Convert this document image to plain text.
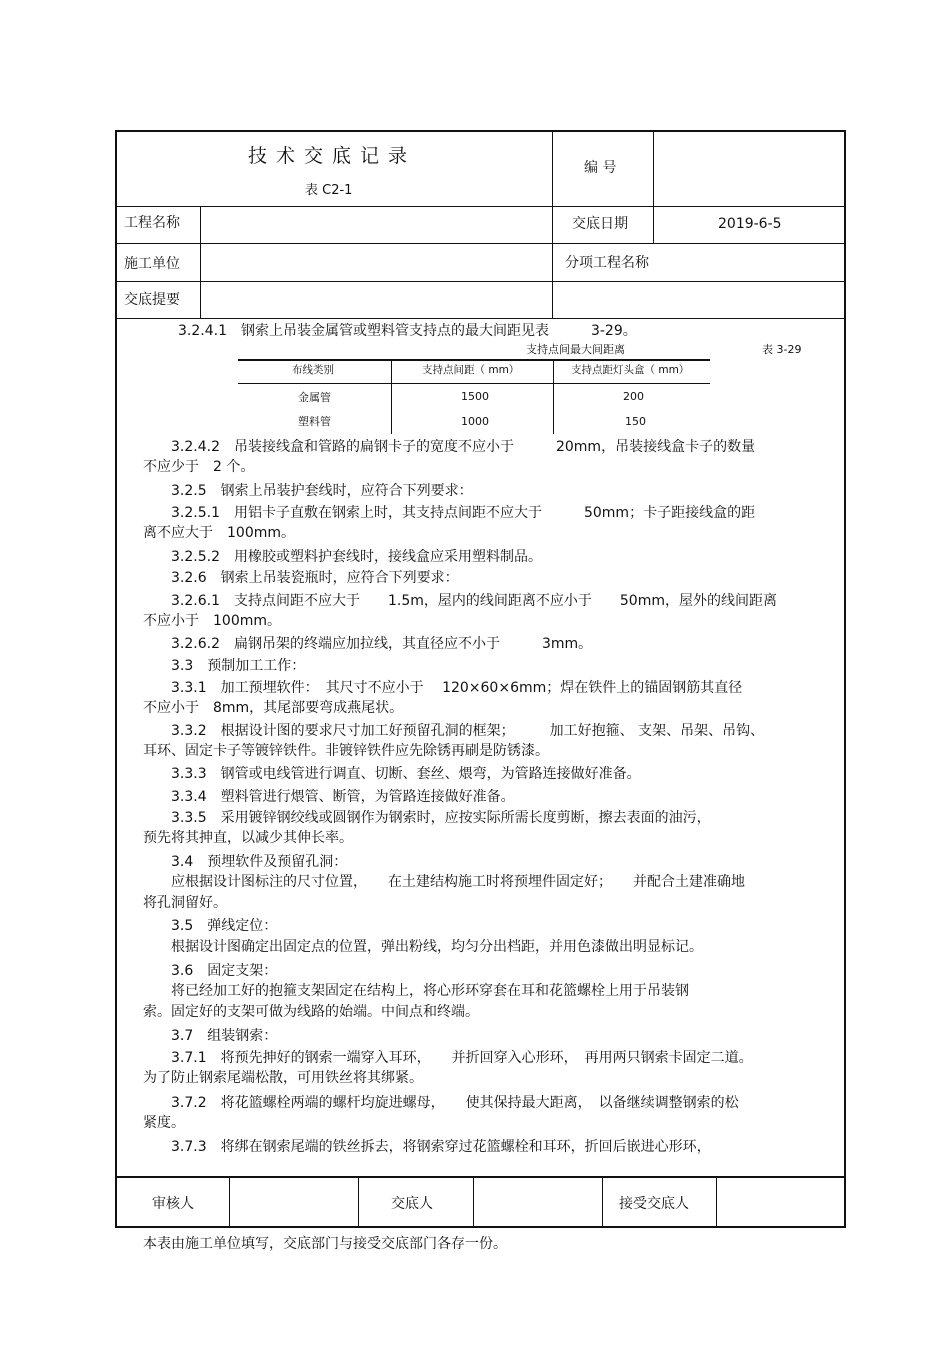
技术交底记录
表 C2-1
编 号
工程名称	交底日期	2019-6-5
施工单位	分项工程名称
交底提要
3.2.4.1　钢索上吊装金属管或塑料管支持点的最大间距见表　　　3-29。
支持点间最大间距离	表 3-29
布线类别	支持点间距（ mm）	支持点距灯头盒（ mm）
金属管	1500	200
塑料管	1000	150
　　3.2.4.2　吊装接线盒和管路的扁钢卡子的宽度不应小于　　　20mm，吊装接线盒卡子的数量
不应少于　2 个。
　　3.2.5　钢索上吊装护套线时，应符合下列要求：
　　3.2.5.1　用铝卡子直敷在钢索上时，其支持点间距不应大于　　　50mm；卡子距接线盒的距
离不应大于　100mm。
　　3.2.5.2　用橡胶或塑料护套线时，接线盒应采用塑料制品。
　　3.2.6　钢索上吊装瓷瓶时，应符合下列要求：
　　3.2.6.1　支持点间距不应大于　　1.5m，屋内的线间距离不应小于　　50mm，屋外的线间距离
不应小于　100mm。
　　3.2.6.2　扁钢吊架的终端应加拉线，其直径应不小于　　　3mm。
　　3.3　预制加工工作：
　　3.3.1　加工预埋软件：　其尺寸不应小于　 120×60×6mm；焊在铁件上的锚固钢筋其直径
不应小于　8mm，其尾部要弯成燕尾状。
　　3.3.2　根据设计图的要求尺寸加工好预留孔洞的框架；　　　加工好抱箍、 支架、吊架、吊钩、
耳环、固定卡子等镀锌铁件。非镀锌铁件应先除锈再刷是防锈漆。
　　3.3.3　钢管或电线管进行调直、切断、套丝、煨弯，为管路连接做好准备。
　　3.3.4　塑料管进行煨管、断管，为管路连接做好准备。
　　3.3.5　采用镀锌钢绞线或圆钢作为钢索时，应按实际所需长度剪断，擦去表面的油污，
预先将其抻直，以减少其伸长率。
　　3.4　预埋软件及预留孔洞：
　　应根据设计图标注的尺寸位置，　　在土建结构施工时将预埋件固定好；　　并配合土建准确地
将孔洞留好。
　　3.5　弹线定位：
　　根据设计图确定出固定点的位置，弹出粉线，均匀分出档距，并用色漆做出明显标记。
　　3.6　固定支架：
　　将已经加工好的抱箍支架固定在结构上，将心形环穿套在耳和花篮螺栓上用于吊装钢
索。固定好的支架可做为线路的始端。中间点和终端。
　　3.7　组装钢索：
　　3.7.1　将预先抻好的钢索一端穿入耳环，　　并折回穿入心形环，　再用两只钢索卡固定二道。
为了防止钢索尾端松散，可用铁丝将其绑紧。
　　3.7.2　将花篮螺栓两端的螺杆均旋进螺母，　　使其保持最大距离，　以备继续调整钢索的松
紧度。
　　3.7.3　将绑在钢索尾端的铁丝拆去，将钢索穿过花篮螺栓和耳环，折回后嵌进心形环，
审核人	交底人	接受交底人
本表由施工单位填写，交底部门与接受交底部门各存一份。
